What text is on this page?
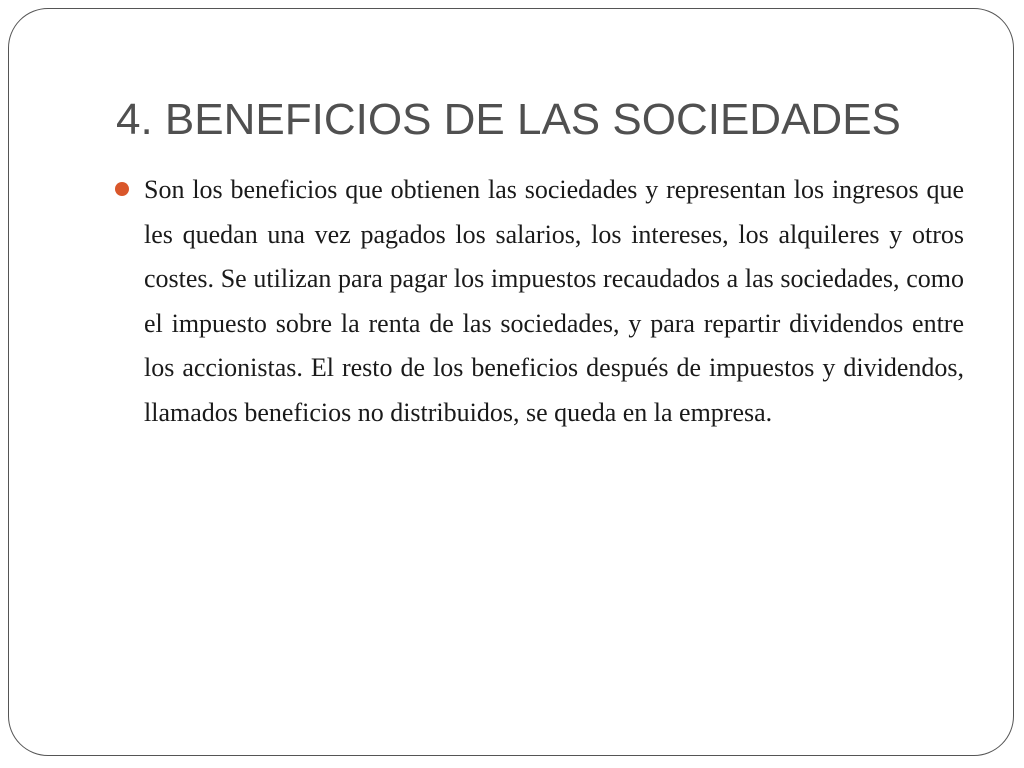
4. BENEFICIOS DE LAS SOCIEDADES
Son los beneficios que obtienen las sociedades y representan los ingresos que les quedan una vez pagados los salarios, los intereses, los alquileres y otros costes. Se utilizan para pagar los impuestos recaudados a las sociedades, como el impuesto sobre la renta de las sociedades, y para repartir dividendos entre los accionistas. El resto de los beneficios después de impuestos y dividendos, llamados beneficios no distribuidos, se queda en la empresa.
